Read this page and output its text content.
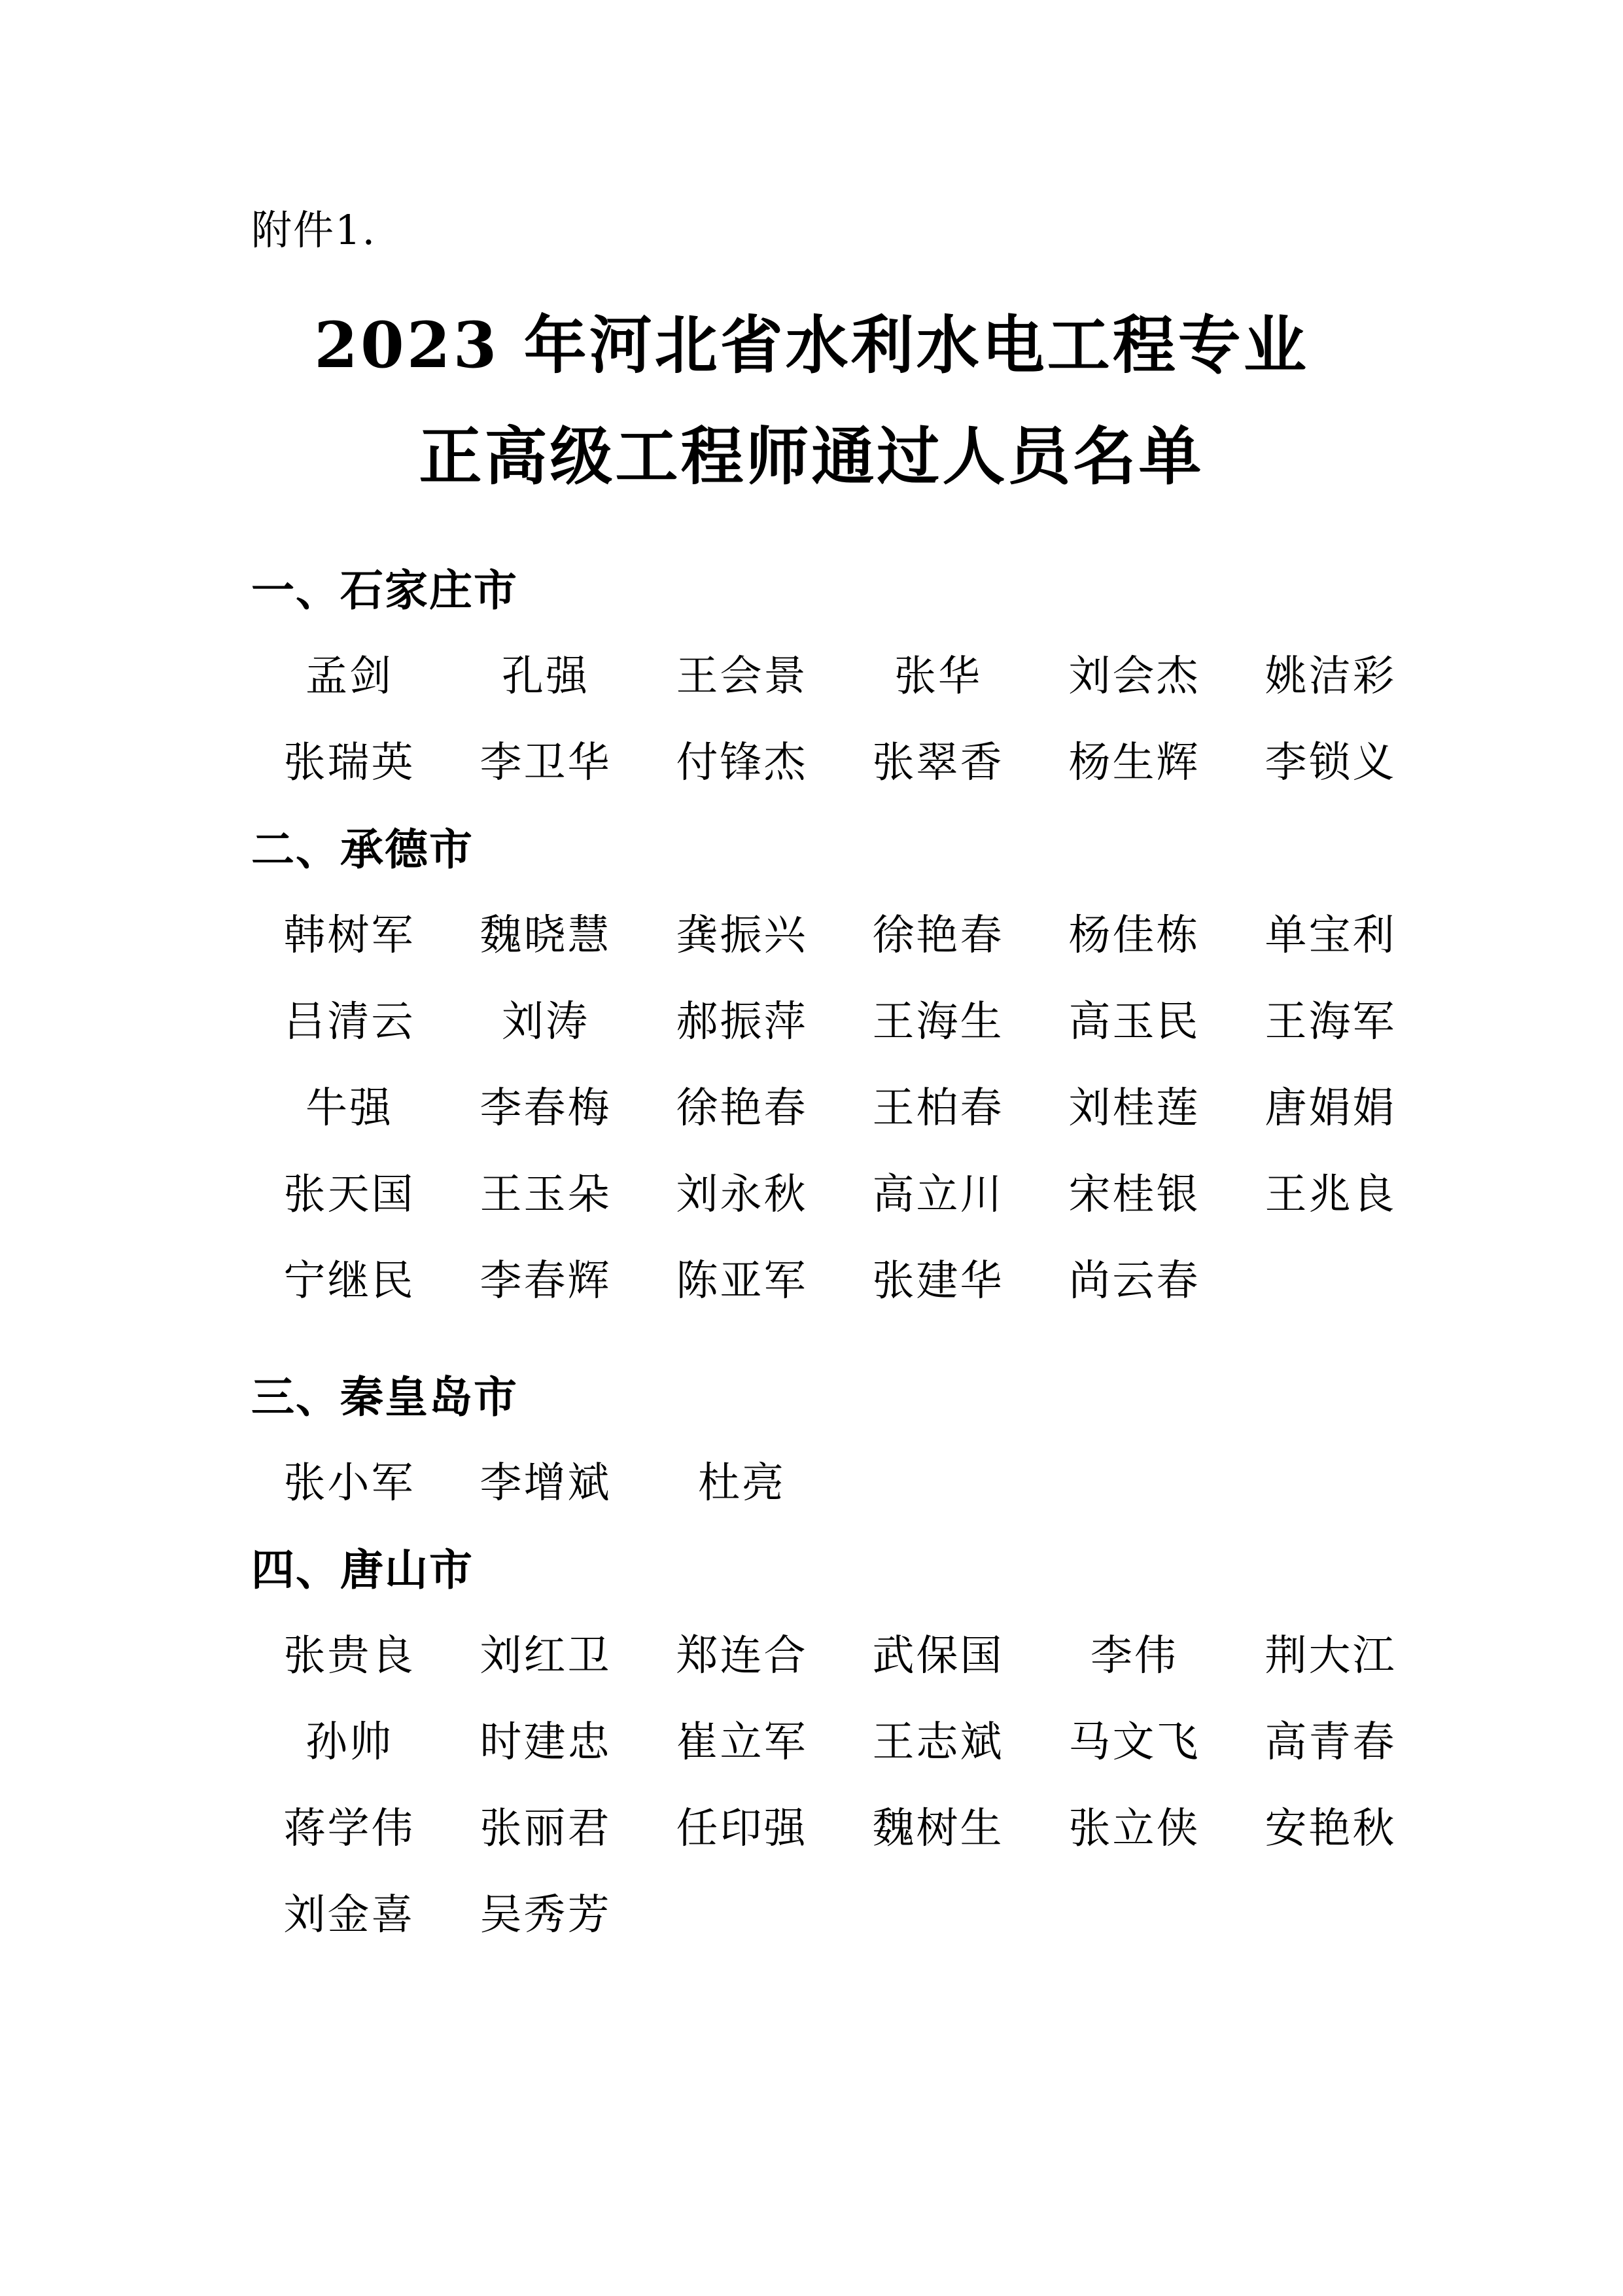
附件1.
2023 年河北省水利水电工程专业
正高级工程师通过人员名单
一、石家庄市
孟剑	孔强	王会景	张华	刘会杰	姚洁彩
张瑞英	李卫华	付锋杰	张翠香	杨生辉	李锁义
二、承德市
韩树军	魏晓慧	龚振兴	徐艳春	杨佳栋	单宝利
吕清云	刘涛	郝振萍	王海生	高玉民	王海军
牛强	李春梅	徐艳春	王柏春	刘桂莲	唐娟娟
张天国	王玉朵	刘永秋	高立川	宋桂银	王兆良
宁继民	李春辉	陈亚军	张建华	尚云春
三、秦皇岛市
张小军	李增斌	杜亮
四、唐山市
张贵良	刘红卫	郑连合	武保国	李伟	荆大江
孙帅	时建忠	崔立军	王志斌	马文飞	高青春
蒋学伟	张丽君	任印强	魏树生	张立侠	安艳秋
刘金喜	吴秀芳
